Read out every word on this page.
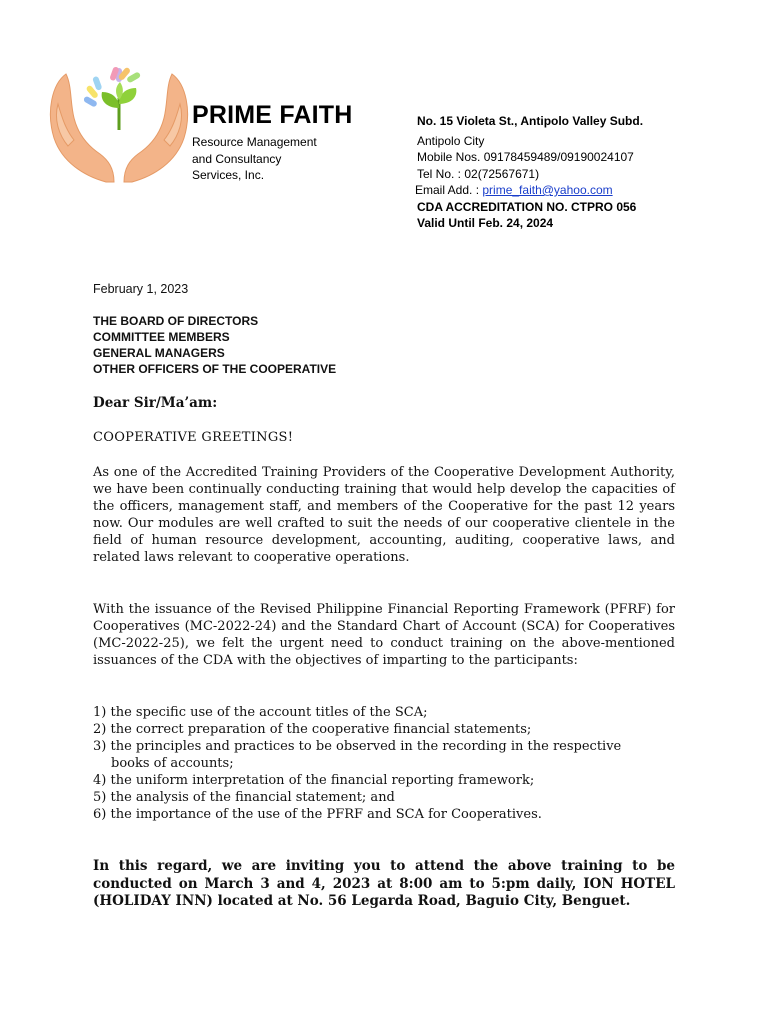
PRIME FAITH
Resource Management
and Consultancy
Services, Inc.
No. 15 Violeta St., Antipolo Valley Subd.
Antipolo City
Mobile Nos. 09178459489/09190024107
Tel No. : 02(72567671)
Email Add. : prime_faith@yahoo.com
CDA ACCREDITATION NO. CTPRO 056
Valid Until Feb. 24, 2024
February 1, 2023
THE BOARD OF DIRECTORS
COMMITTEE MEMBERS
GENERAL MANAGERS
OTHER OFFICERS OF THE COOPERATIVE
Dear Sir/Ma’am:
COOPERATIVE GREETINGS!
As one of the Accredited Training Providers of the Cooperative Development Authority, we have been continually conducting training that would help develop the capacities of the officers, management staff, and members of the Cooperative for the past 12 years now. Our modules are well crafted to suit the needs of our cooperative clientele in the field of human resource development, accounting, auditing, cooperative laws, and related laws relevant to cooperative operations.
With the issuance of the Revised Philippine Financial Reporting Framework (PFRF) for Cooperatives (MC-2022-24) and the Standard Chart of Account (SCA) for Cooperatives (MC-2022-25), we felt the urgent need to conduct training on the above-mentioned issuances of the CDA with the objectives of imparting to the participants:
1) the specific use of the account titles of the SCA;
2) the correct preparation of the cooperative financial statements;
3) the principles and practices to be observed in the recording in the respective
books of accounts;
4) the uniform interpretation of the financial reporting framework;
5) the analysis of the financial statement; and
6) the importance of the use of the PFRF and SCA for Cooperatives.
In this regard, we are inviting you to attend the above training to be conducted on March 3 and 4, 2023 at 8:00 am to 5:pm daily, ION HOTEL (HOLIDAY INN) located at No. 56 Legarda Road, Baguio City, Benguet.
